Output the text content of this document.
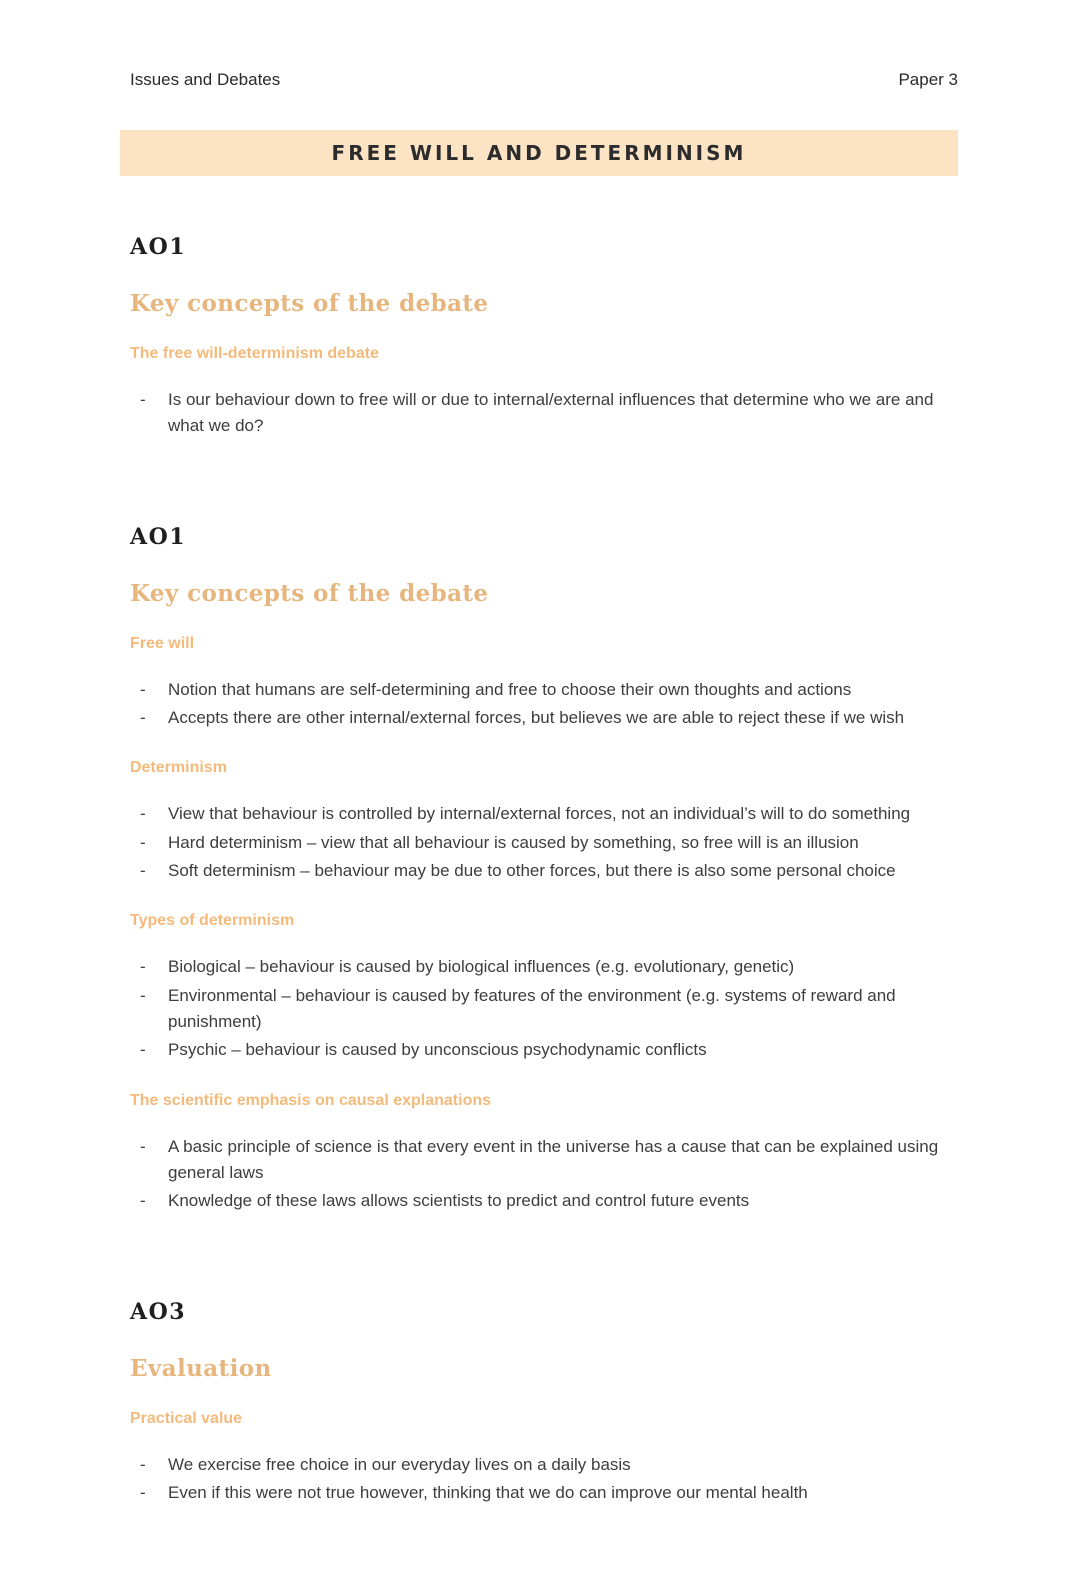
Issues and Debates	Paper 3
FREE WILL AND DETERMINISM
AO1
Key concepts of the debate
The free will-determinism debate
- Is our behaviour down to free will or due to internal/external influences that determine who we are and what we do?
AO1
Key concepts of the debate
Free will
- Notion that humans are self-determining and free to choose their own thoughts and actions
- Accepts there are other internal/external forces, but believes we are able to reject these if we wish
Determinism
- View that behaviour is controlled by internal/external forces, not an individual’s will to do something
- Hard determinism – view that all behaviour is caused by something, so free will is an illusion
- Soft determinism – behaviour may be due to other forces, but there is also some personal choice
Types of determinism
- Biological – behaviour is caused by biological influences (e.g. evolutionary, genetic)
- Environmental – behaviour is caused by features of the environment (e.g. systems of reward and punishment)
- Psychic – behaviour is caused by unconscious psychodynamic conflicts
The scientific emphasis on causal explanations
- A basic principle of science is that every event in the universe has a cause that can be explained using general laws
- Knowledge of these laws allows scientists to predict and control future events
AO3
Evaluation
Practical value
- We exercise free choice in our everyday lives on a daily basis
- Even if this were not true however, thinking that we do can improve our mental health
